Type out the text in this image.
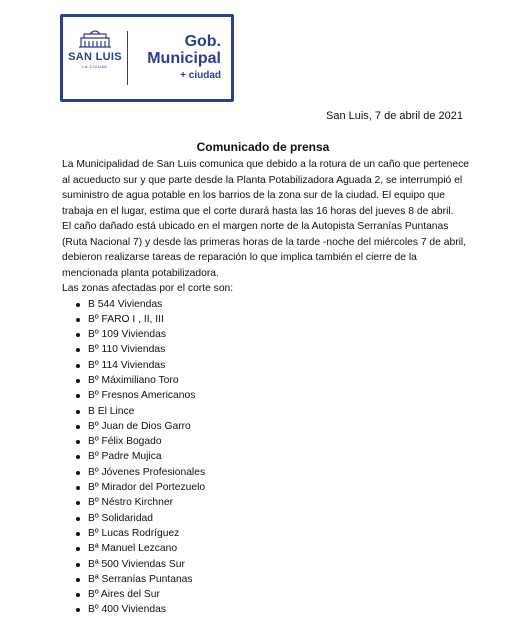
SAN LUIS
LA CIUDAD
Gob.
Municipal
+ ciudad
San Luis, 7 de abril de 2021
Comunicado de prensa

La Municipalidad de San Luis comunica que debido a la rotura de un caño que pertenece al acueducto sur y que parte desde la Planta Potabilizadora Aguada 2, se interrumpió el suministro de agua potable en los barrios de la zona sur de la ciudad. El equipo que trabaja en el lugar, estima que el corte durará hasta las 16 horas del jueves 8 de abril.

El caño dañado está ubicado en el margen norte de la Autopista Serranías Puntanas (Ruta Nacional 7) y desde las primeras horas de la tarde -noche del miércoles 7 de abril, debieron realizarse tareas de reparación lo que implica también el cierre de la mencionada planta potabilizadora.

Las zonas afectadas por el corte son:

B 544 Viviendas
Bº FARO I , II, III
Bº 109 Viviendas
Bº 110 Viviendas
Bº 114 Viviendas
Bº Máximiliano Toro
Bº Fresnos Americanos
B El Lince
Bº Juan de Dios Garro
Bº Félix Bogado
Bº Padre Mujica
Bº Jóvenes Profesionales
Bº Mirador del Portezuelo
Bº Néstro Kirchner
Bº Solidaridad
Bº Lucas Rodríguez
Bª Manuel Lezcano
Bª 500 Viviendas Sur
Bª Serranías Puntanas
Bº Aires del Sur
Bº 400 Viviendas
